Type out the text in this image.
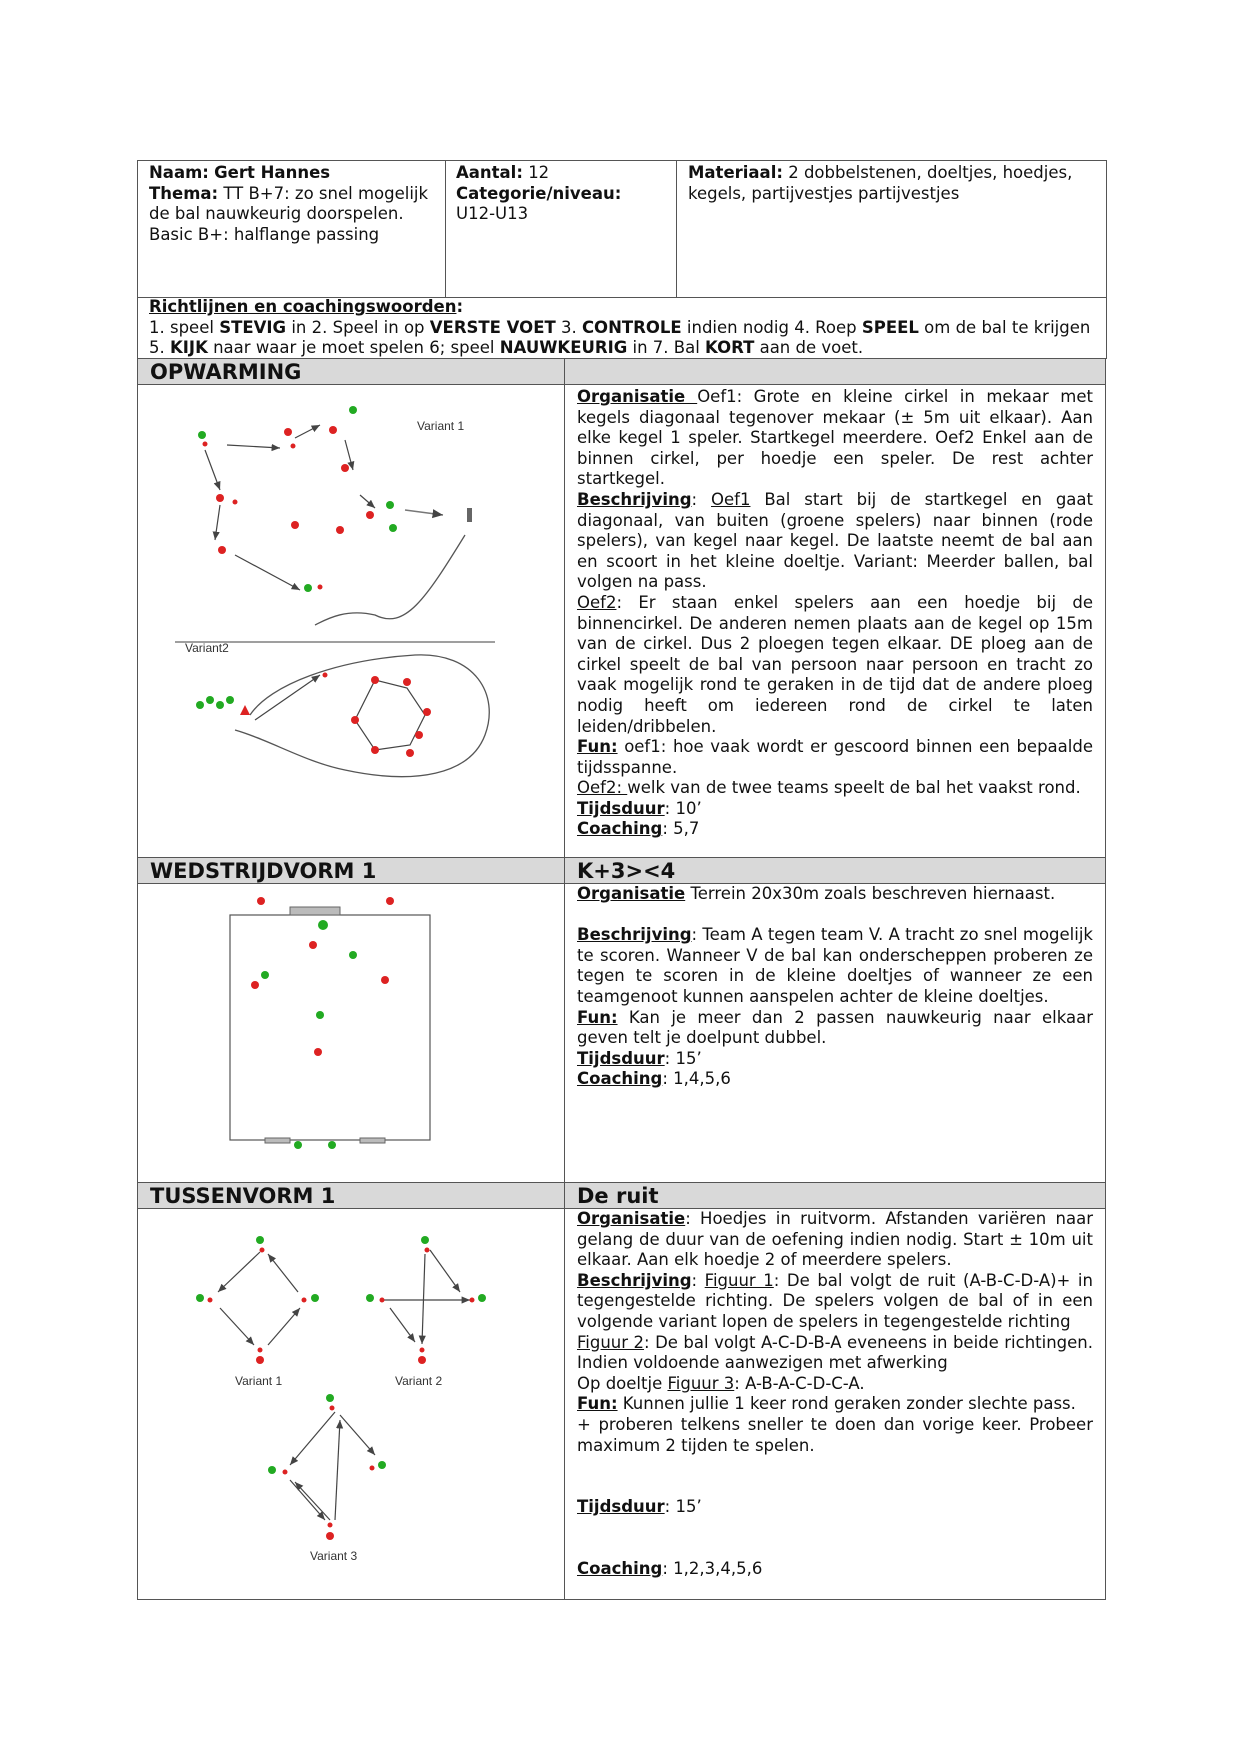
Naam: Gert Hannes
Thema: TT B+7: zo snel mogelijk de bal nauwkeurig doorspelen. Basic B+: halflange passing
Aantal: 12
Categorie/niveau:
U12-U13
Materiaal: 2 dobbelstenen, doeltjes, hoedjes, kegels, partijvestjes partijvestjes
Richtlijnen en coachingswoorden:
1. speel STEVIG in 2. Speel in op VERSTE VOET 3. CONTROLE indien nodig 4. Roep SPEEL om de bal te krijgen 5. KIJK naar waar je moet spelen 6; speel NAUWKEURIG in 7. Bal KORT aan de voet.
OPWARMING
Variant 1
Variant2
Organisatie Oef1: Grote en kleine cirkel in mekaar met kegels diagonaal tegenover mekaar (± 5m uit elkaar). Aan elke kegel 1 speler. Startkegel meerdere. Oef2 Enkel aan de binnen cirkel, per hoedje een speler. De rest achter startkegel.
Beschrijving: Oef1 Bal start bij de startkegel en gaat diagonaal, van buiten (groene spelers) naar binnen (rode spelers), van kegel naar kegel. De laatste neemt de bal aan en scoort in het kleine doeltje. Variant: Meerder ballen, bal volgen na pass.
Oef2: Er staan enkel spelers aan een hoedje bij de binnencirkel. De anderen nemen plaats aan de kegel op 15m van de cirkel. Dus 2 ploegen tegen elkaar. DE ploeg aan de cirkel speelt de bal van persoon naar persoon en tracht zo vaak mogelijk rond te geraken in de tijd dat de andere ploeg nodig heeft om iedereen rond de cirkel te laten leiden/dribbelen.
Fun: oef1: hoe vaak wordt er gescoord binnen een bepaalde tijdsspanne.
Oef2: welk van de twee teams speelt de bal het vaakst rond.
Tijdsduur: 10’
Coaching: 5,7
WEDSTRIJDVORM 1	K+3><4
Organisatie Terrein 20x30m zoals beschreven hiernaast.

Beschrijving: Team A tegen team V. A tracht zo snel mogelijk te scoren. Wanneer V de bal kan onderscheppen proberen ze tegen te scoren in de kleine doeltjes of wanneer ze een teamgenoot kunnen aanspelen achter de kleine doeltjes.
Fun: Kan je meer dan 2 passen nauwkeurig naar elkaar geven telt je doelpunt dubbel.
Tijdsduur: 15’
Coaching: 1,4,5,6
TUSSENVORM 1	De ruit
Variant 1	Variant 2
Variant 3
Organisatie: Hoedjes in ruitvorm. Afstanden variëren naar gelang de duur van de oefening indien nodig. Start ± 10m uit elkaar. Aan elk hoedje 2 of meerdere spelers.
Beschrijving: Figuur 1: De bal volgt de ruit (A-B-C-D-A)+ in tegengestelde richting. De spelers volgen de bal of in een volgende variant lopen de spelers in tegengestelde richting
Figuur 2: De bal volgt A-C-D-B-A eveneens in beide richtingen. Indien voldoende aanwezigen met afwerking
Op doeltje Figuur 3: A-B-A-C-D-C-A.
Fun: Kunnen jullie 1 keer rond geraken zonder slechte pass.
+ proberen telkens sneller te doen dan vorige keer. Probeer maximum 2 tijden te spelen.

Tijdsduur: 15’

Coaching: 1,2,3,4,5,6
